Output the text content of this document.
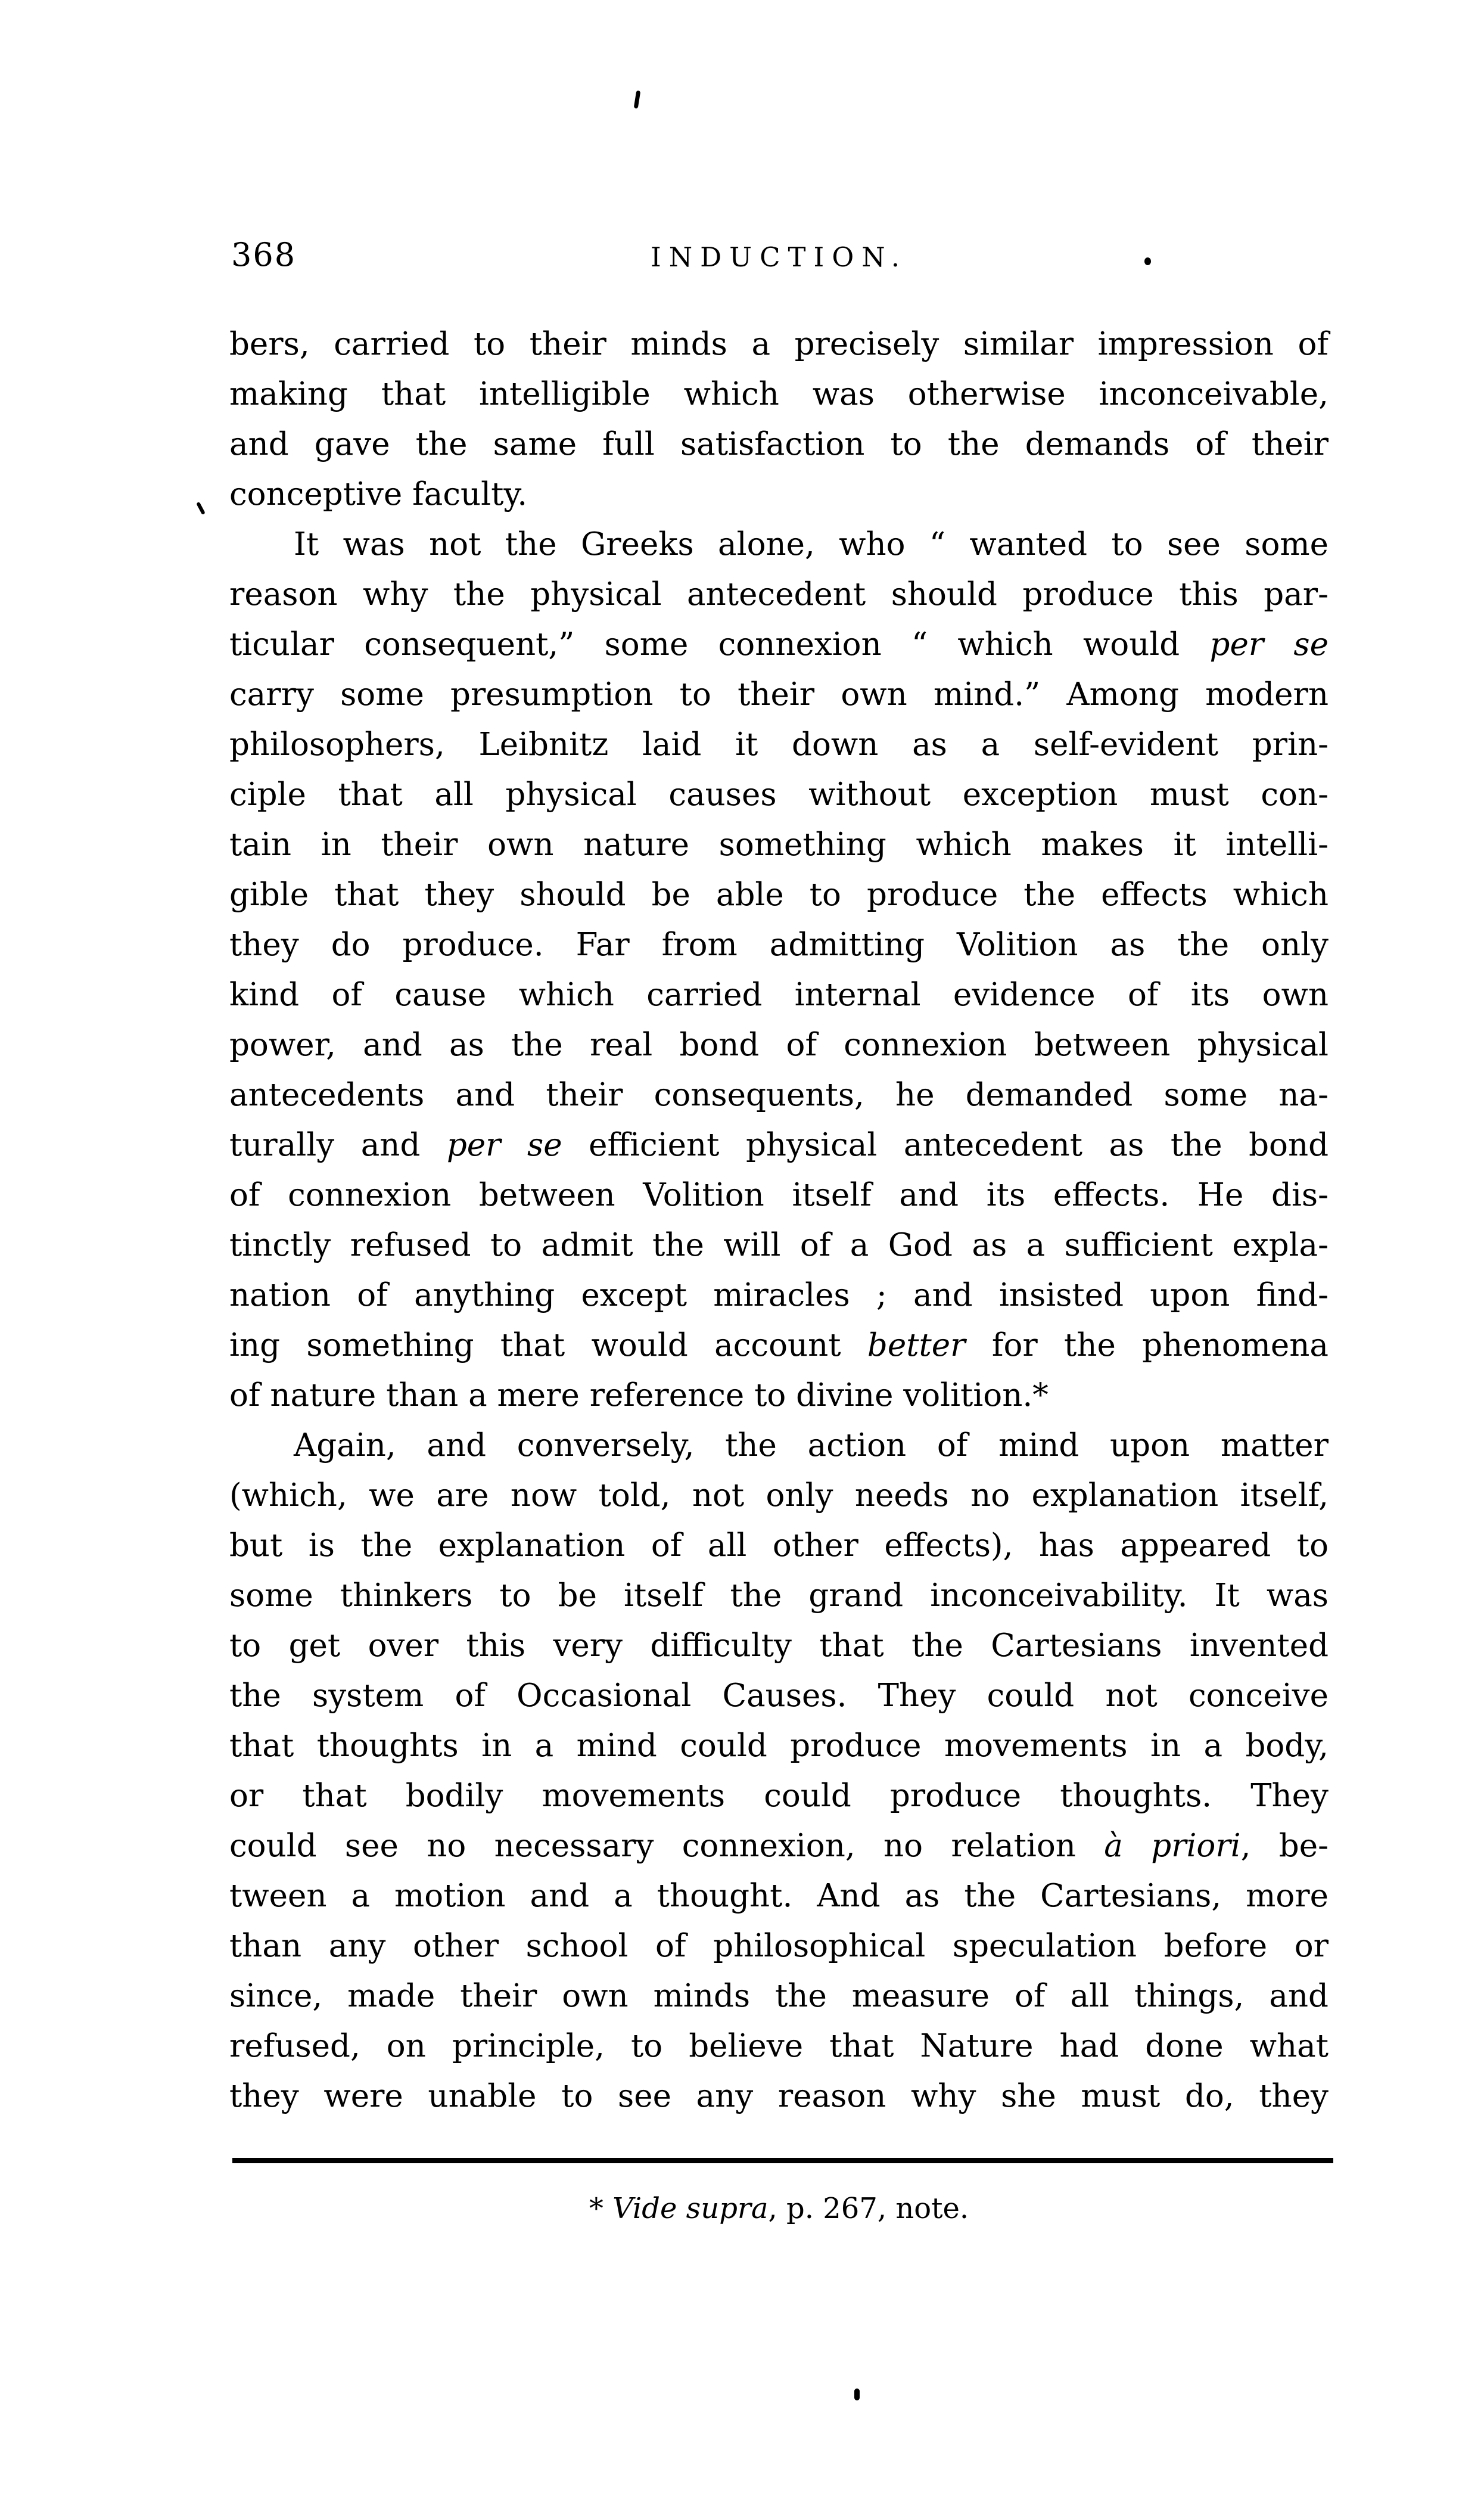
368	INDUCTION.
bers, carried to their minds a precisely similar impression of
making that intelligible which was otherwise inconceivable,
and gave the same full satisfaction to the demands of their
conceptive faculty.
It was not the Greeks alone, who “ wanted to see some
reason why the physical antecedent should produce this par-
ticular consequent,” some connexion “ which would per se
carry some presumption to their own mind.” Among modern
philosophers, Leibnitz laid it down as a self-evident prin-
ciple that all physical causes without exception must con-
tain in their own nature something which makes it intelli-
gible that they should be able to produce the effects which
they do produce. Far from admitting Volition as the only
kind of cause which carried internal evidence of its own
power, and as the real bond of connexion between physical
antecedents and their consequents, he demanded some na-
turally and per se efficient physical antecedent as the bond
of connexion between Volition itself and its effects. He dis-
tinctly refused to admit the will of a God as a sufficient expla-
nation of anything except miracles ; and insisted upon find-
ing something that would account better for the phenomena
of nature than a mere reference to divine volition.*
Again, and conversely, the action of mind upon matter
(which, we are now told, not only needs no explanation itself,
but is the explanation of all other effects), has appeared to
some thinkers to be itself the grand inconceivability. It was
to get over this very difficulty that the Cartesians invented
the system of Occasional Causes. They could not conceive
that thoughts in a mind could produce movements in a body,
or that bodily movements could produce thoughts. They
could see no necessary connexion, no relation à priori, be-
tween a motion and a thought. And as the Cartesians, more
than any other school of philosophical speculation before or
since, made their own minds the measure of all things, and
refused, on principle, to believe that Nature had done what
they were unable to see any reason why she must do, they
* Vide supra, p. 267, note.
